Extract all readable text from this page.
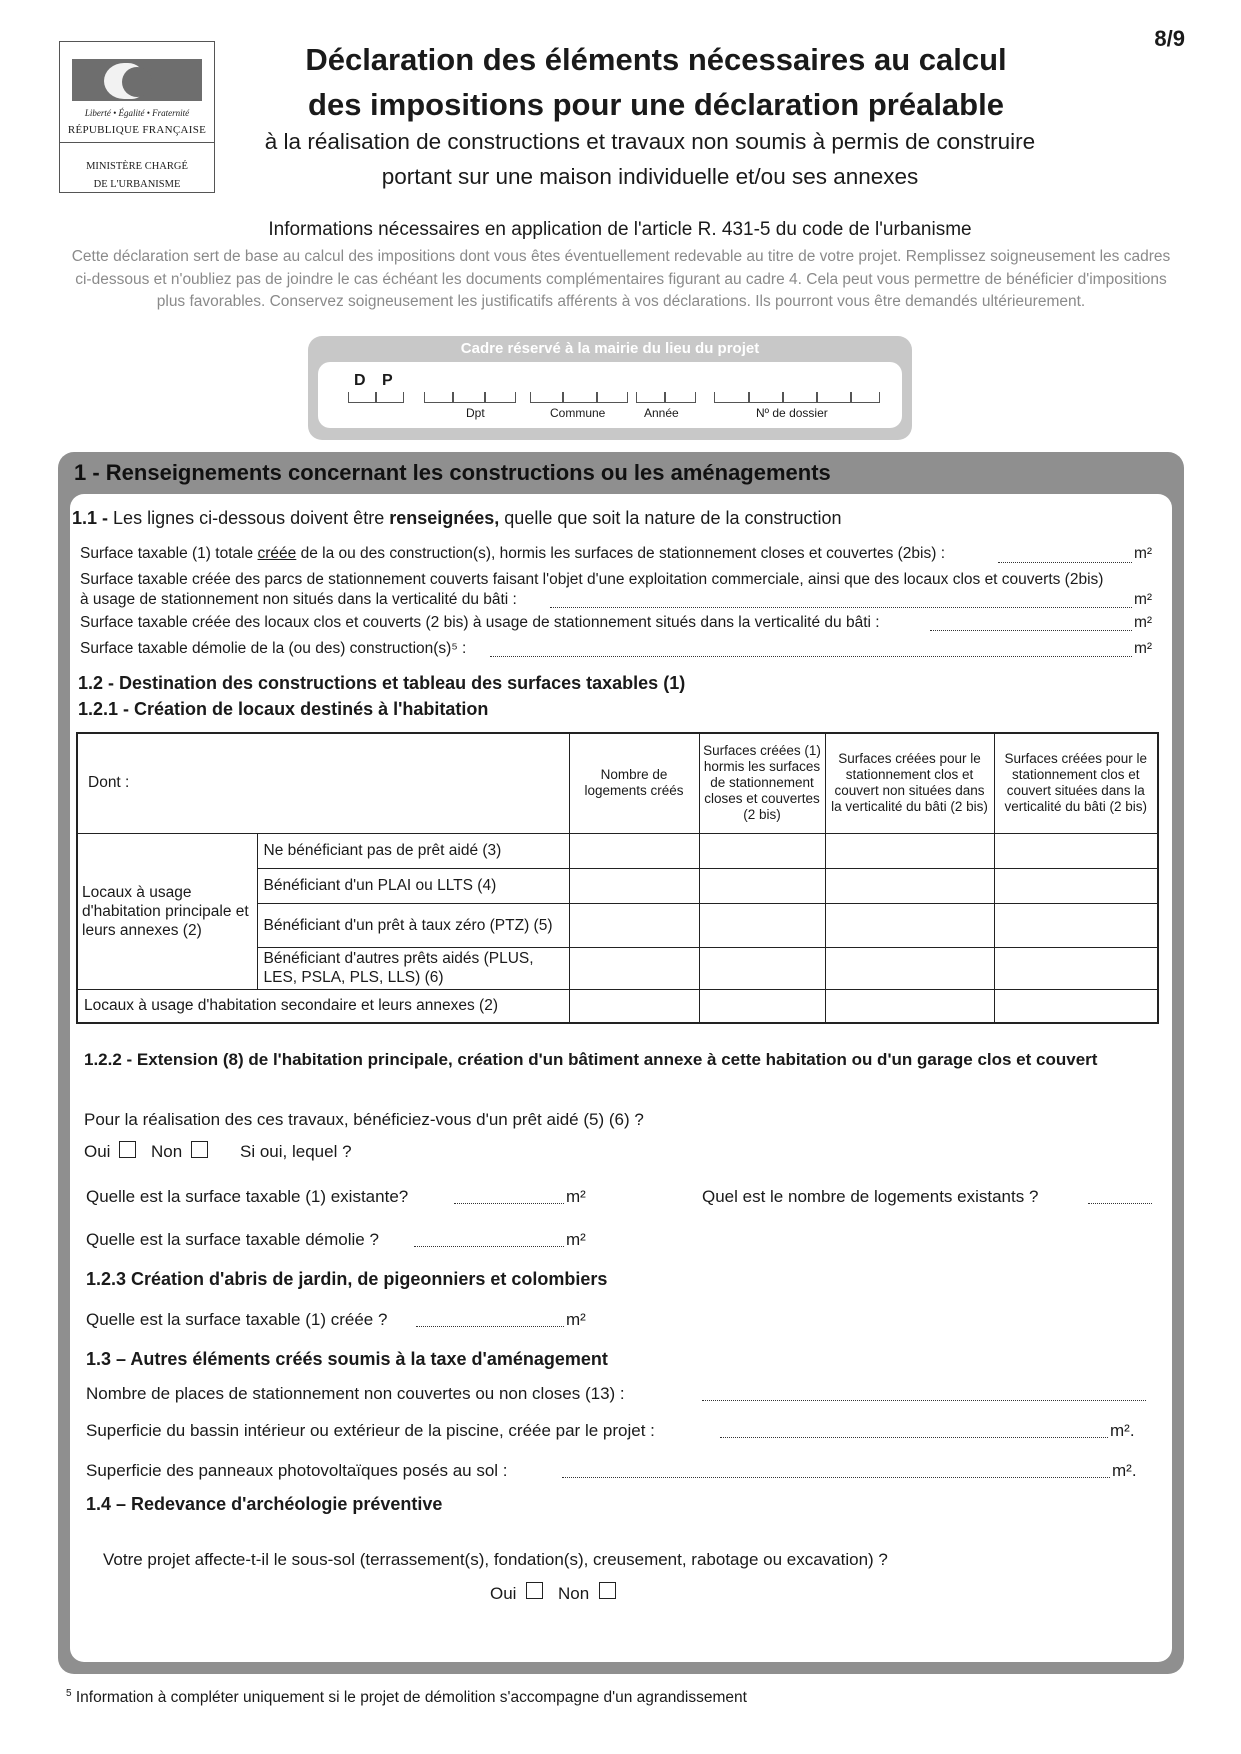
Liberté • Égalité • Fraternité
RÉPUBLIQUE FRANÇAISE
MINISTÈRE CHARGÉ
DE L'URBANISME
8/9
Déclaration des éléments nécessaires au calcul
des impositions pour une déclaration préalable
à la réalisation de constructions et travaux non soumis à permis de construire
portant sur une maison individuelle et/ou ses annexes
Informations nécessaires en application de l'article R. 431-5 du code de l'urbanisme
Cette déclaration sert de base au calcul des impositions dont vous êtes éventuellement redevable au titre de votre projet. Remplissez soigneusement les cadres ci-dessous et n'oubliez pas de joindre le cas échéant les documents complémentaires figurant au cadre 4. Cela peut vous permettre de bénéficier d'impositions plus favorables. Conservez soigneusement les justificatifs afférents à vos déclarations. Ils pourront vous être demandés ultérieurement.
Cadre réservé à la mairie du lieu du projet
D P
Dpt	Commune	Année	Nº de dossier
1 - Renseignements concernant les constructions ou les aménagements
1.1 - Les lignes ci-dessous doivent être renseignées, quelle que soit la nature de la construction
Surface taxable (1) totale créée de la ou des construction(s), hormis les surfaces de stationnement closes et couvertes (2bis) :	m²
Surface taxable créée des parcs de stationnement couverts faisant l'objet d'une exploitation commerciale, ainsi que des locaux clos et couverts (2bis)
à usage de stationnement non situés dans la verticalité du bâti :	m²
Surface taxable créée des locaux clos et couverts (2 bis) à usage de stationnement situés dans la verticalité du bâti :	m²
Surface taxable démolie de la (ou des) construction(s)⁵ :	m²
1.2 - Destination des constructions et tableau des surfaces taxables (1)
1.2.1 - Création de locaux destinés à l'habitation
Dont :		Nombre de logements créés	Surfaces créées (1) hormis les surfaces de stationnement closes et couvertes (2 bis)	Surfaces créées pour le stationnement clos et couvert non situées dans la verticalité du bâti (2 bis)	Surfaces créées pour le stationnement clos et couvert situées dans la verticalité du bâti (2 bis)
Locaux à usage d'habitation principale et leurs annexes (2)	Ne bénéficiant pas de prêt aidé (3)				
	Bénéficiant d'un PLAI ou LLTS (4)				
	Bénéficiant d'un prêt à taux zéro (PTZ) (5)				
	Bénéficiant d'autres prêts aidés (PLUS, LES, PSLA, PLS, LLS) (6)				
Locaux à usage d'habitation secondaire et leurs annexes (2)					
1.2.2 - Extension (8) de l'habitation principale, création d'un bâtiment annexe à cette habitation ou d'un garage clos et couvert
Pour la réalisation des ces travaux, bénéficiez-vous d'un prêt aidé (5) (6) ?
Oui Non	Si oui, lequel ?
Quelle est la surface taxable (1) existante?	m²	Quel est le nombre de logements existants ?
Quelle est la surface taxable démolie ?	m²
1.2.3 Création d'abris de jardin, de pigeonniers et colombiers
Quelle est la surface taxable (1) créée ?	m²
1.3 – Autres éléments créés soumis à la taxe d'aménagement
Nombre de places de stationnement non couvertes ou non closes (13) :
Superficie du bassin intérieur ou extérieur de la piscine, créée par le projet :	m².
Superficie des panneaux photovoltaïques posés au sol :	m².
1.4 – Redevance d'archéologie préventive
Votre projet affecte-t-il le sous-sol (terrassement(s), fondation(s), creusement, rabotage ou excavation) ?
Oui Non
$^5$ Information à compléter uniquement si le projet de démolition s'accompagne d'un agrandissement
